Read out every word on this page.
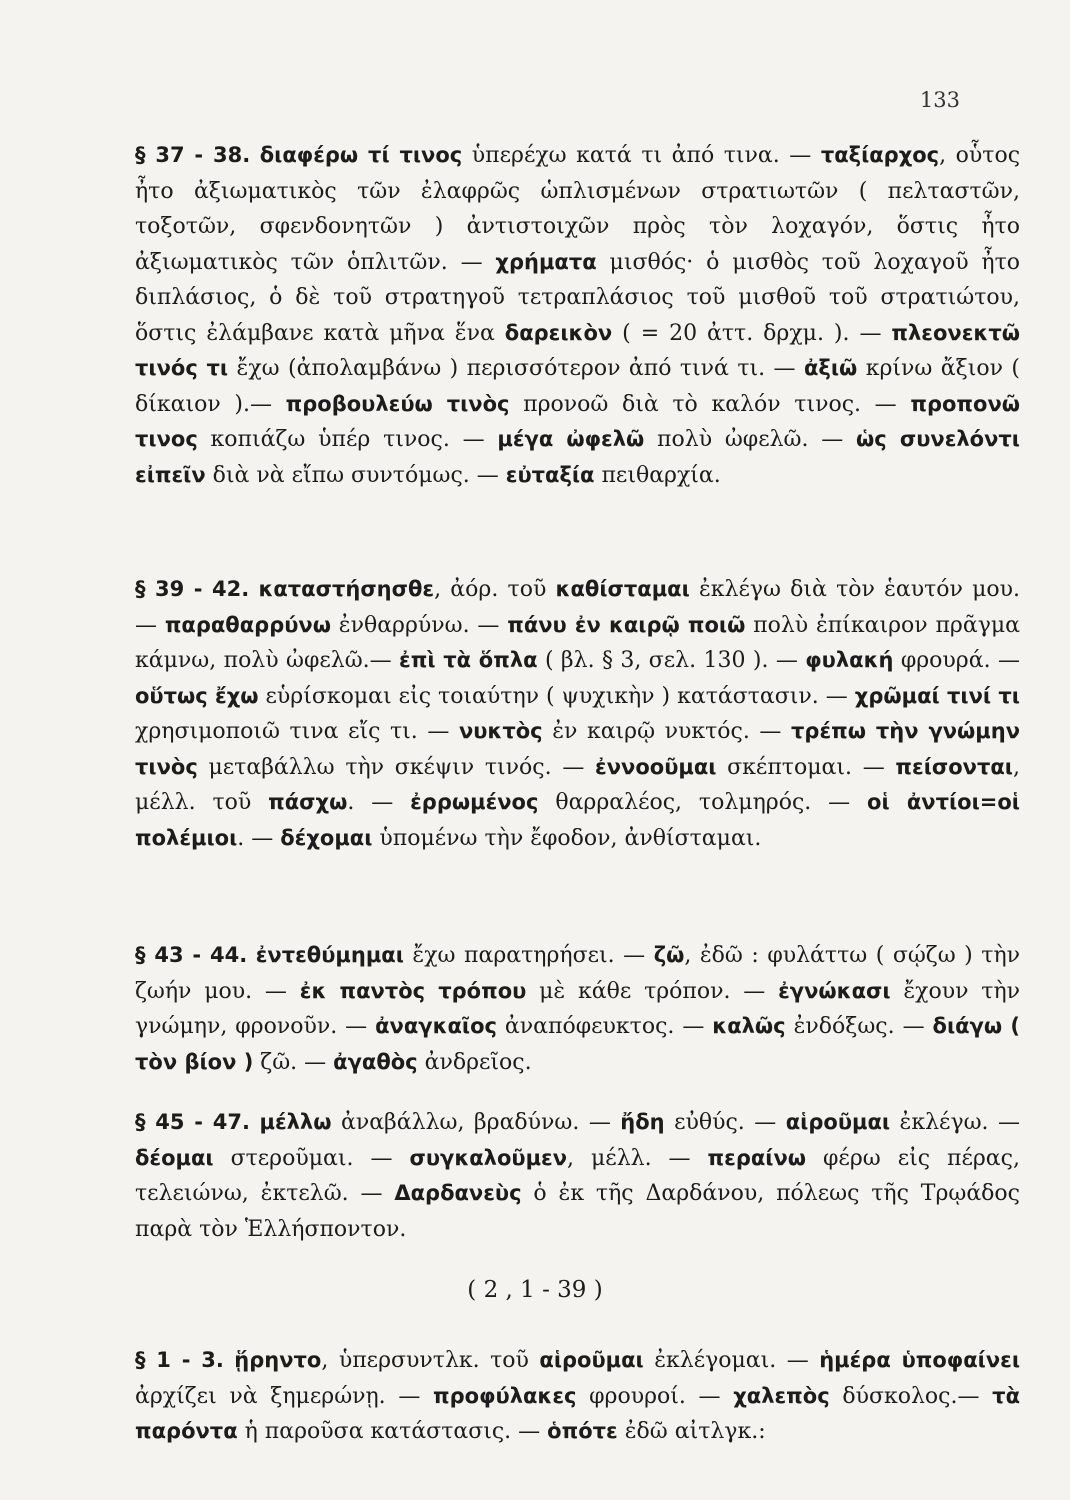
133

§ 37 - 38. διαφέρω τί τινος ὑπερέχω κατά τι ἀπό τινα. — ταξίαρχος, οὗτος ἦτο ἀξιωματικὸς τῶν ἐλαφρῶς ὡπλισμένων στρατιωτῶν ( πελταστῶν, τοξοτῶν, σφενδονητῶν ) ἀντιστοιχῶν πρὸς τὸν λοχαγόν, ὅστις ἦτο ἀξιωματικὸς τῶν ὁπλιτῶν. — χρήματα μισθός· ὁ μισθὸς τοῦ λοχαγοῦ ἦτο διπλάσιος, ὁ δὲ τοῦ στρατηγοῦ τετραπλάσιος τοῦ μισθοῦ τοῦ στρατιώτου, ὅστις ἐλάμβανε κατὰ μῆνα ἕνα δαρεικὸν ( = 20 ἀττ. δρχμ. ). — πλεονεκτῶ τινός τι ἔχω (ἀπολαμβάνω ) περισσότερον ἀπό τινά τι. — ἀξιῶ κρίνω ἄξιον ( δίκαιον ).— προβουλεύω τινὸς προνοῶ διὰ τὸ καλόν τινος. — προπονῶ τινος κοπιάζω ὑπέρ τινος. — μέγα ὠφελῶ πολὺ ὠφελῶ. — ὡς συνελόντι εἰπεῖν διὰ νὰ εἴπω συντόμως. — εὐταξία πειθαρχία.

§ 39 - 42. καταστήσησθε, ἀόρ. τοῦ καθίσταμαι ἐκλέγω διὰ τὸν ἑαυτόν μου. — παραθαρρύνω ἐνθαρρύνω. — πάνυ ἐν καιρῷ ποιῶ πολὺ ἐπίκαιρον πρᾶγμα κάμνω, πολὺ ὠφελῶ.— ἐπὶ τὰ ὅπλα ( βλ. § 3, σελ. 130 ). — φυλακή φρουρά. — οὕτως ἔχω εὑρίσκομαι εἰς τοιαύτην ( ψυχικὴν ) κατάστασιν. — χρῶμαί τινί τι χρησιμοποιῶ τινα εἴς τι. — νυκτὸς ἐν καιρῷ νυκτός. — τρέπω τὴν γνώμην τινὸς μεταβάλλω τὴν σκέψιν τινός. — ἐννοοῦμαι σκέπτομαι. — πείσονται, μέλλ. τοῦ πάσχω. — ἐρρωμένος θαρραλέος, τολμηρός. — οἱ ἀντίοι=οἱ πολέμιοι. — δέχομαι ὑπομένω τὴν ἔφοδον, ἀνθίσταμαι.

§ 43 - 44. ἐντεθύμημαι ἔχω παρατηρήσει. — ζῶ, ἐδῶ : φυλάττω ( σῴζω ) τὴν ζωήν μου. — ἐκ παντὸς τρόπου μὲ κάθε τρόπον. — ἐγνώκασι ἔχουν τὴν γνώμην, φρονοῦν. — ἀναγκαῖος ἀναπόφευκτος. — καλῶς ἐνδόξως. — διάγω ( τὸν βίον ) ζῶ. — ἀγαθὸς ἀνδρεῖος.

§ 45 - 47. μέλλω ἀναβάλλω, βραδύνω. — ἤδη εὐθύς. — αἱροῦμαι ἐκλέγω. — δέομαι στεροῦμαι. — συγκαλοῦμεν, μέλλ. — περαίνω φέρω εἰς πέρας, τελειώνω, ἐκτελῶ. — Δαρδανεὺς ὁ ἐκ τῆς Δαρδάνου, πόλεως τῆς Τρῳάδος παρὰ τὸν Ἑλλήσποντον.

( 2 , 1 - 39 )

§ 1 - 3. ᾕρηντο, ὑπερσυντλκ. τοῦ αἱροῦμαι ἐκλέγομαι. — ἡμέρα ὑποφαίνει ἀρχίζει νὰ ξημερώνῃ. — προφύλακες φρουροί. — χαλεπὸς δύσκολος.— τὰ παρόντα ἡ παροῦσα κατάστασις. — ὁπότε ἐδῶ αἰτλγκ.:
